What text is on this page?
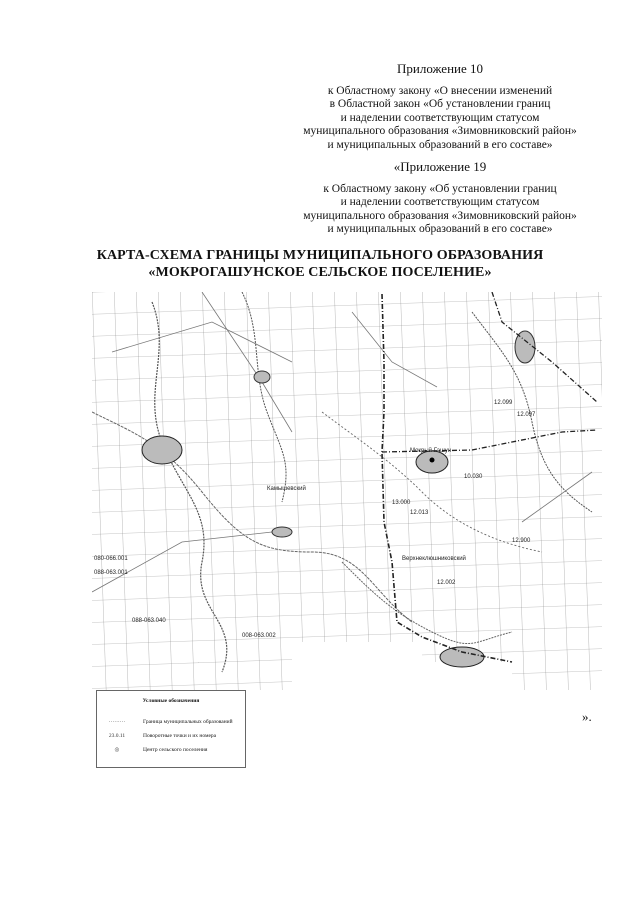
Приложение 10
к Областному закону «О внесении изменений
в Областной закон «Об установлении границ
и наделении соответствующим статусом
муниципального образования «Зимовниковский район»
и муниципальных образований в его составе»
«Приложение 19
к Областному закону «Об установлении границ
и наделении соответствующим статусом
муниципального образования «Зимовниковский район»
и муниципальных образований в его составе»
КАРТА-СХЕМА ГРАНИЦЫ МУНИЦИПАЛЬНОГО ОБРАЗОВАНИЯ
«МОКРОГАШУНСКОЕ СЕЛЬСКОЕ ПОСЕЛЕНИЕ»
Мокрый Гашун
Камышевский
Верхнеклюшниковский
088-063.001
12.099
12.097
10.030
12.013
13.000
080-066.001
088-063.040
008-063.002
12.002
12.900
Условные обозначения
·········	Граница муниципальных образований
23.0.11	Поворотные точки и их номера
◎	Центр сельского поселения
».
